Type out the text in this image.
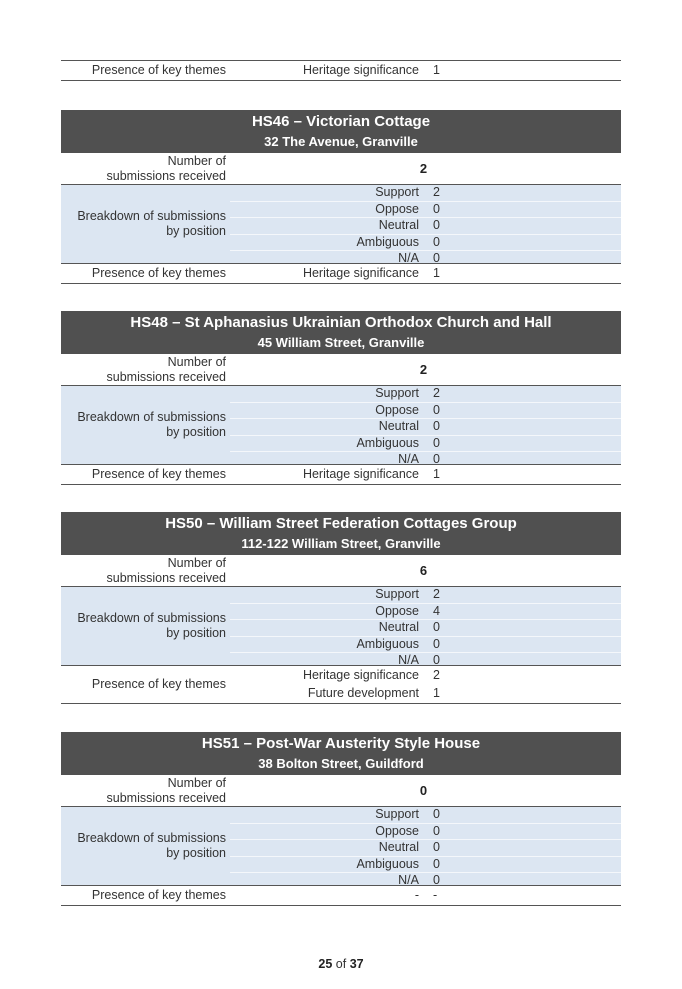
Presence of key themes	Heritage significance	1
HS46 – Victorian Cottage
32 The Avenue, Granville
Number of
submissions received	2
Breakdown of submissions
by position
Support	2
Oppose	0
Neutral	0
Ambiguous	0
N/A	0
Presence of key themes	Heritage significance	1
HS48 – St Aphanasius Ukrainian Orthodox Church and Hall
45 William Street, Granville
Number of
submissions received	2
Breakdown of submissions
by position
Support	2
Oppose	0
Neutral	0
Ambiguous	0
N/A	0
Presence of key themes	Heritage significance	1
HS50 – William Street Federation Cottages Group
112-122 William Street, Granville
Number of
submissions received	6
Breakdown of submissions
by position
Support	2
Oppose	4
Neutral	0
Ambiguous	0
N/A	0
Presence of key themes
Heritage significance	2
Future development	1
HS51 – Post-War Austerity Style House
38 Bolton Street, Guildford
Number of
submissions received	0
Breakdown of submissions
by position
Support	0
Oppose	0
Neutral	0
Ambiguous	0
N/A	0
Presence of key themes	-	-
25 of 37
